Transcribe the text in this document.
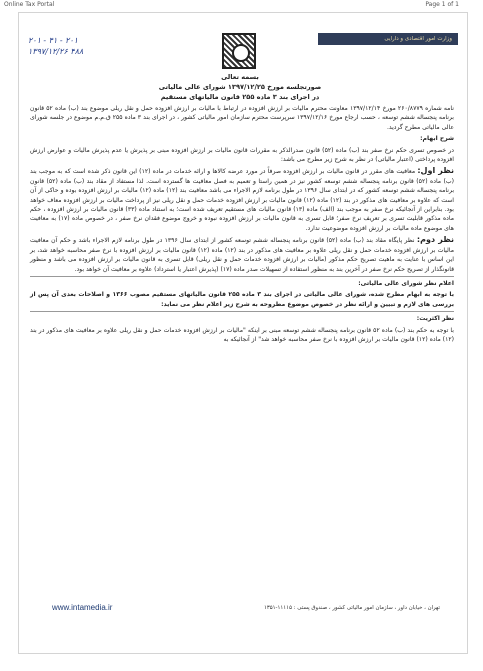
Online Tax Portal	Page 1 of 1
۲۰۱ - ۴۱ - ۲۰۱
۱۳۹۷/۱۲/۲۶ ۴۸۸
وزارت امور اقتصادی و دارایی
بسمه تعالی
صورتجلسه مورخ ۱۳۹۷/۱۲/۲۵ شورای عالی مالیاتی
در اجرای بند ۳ ماده ۲۵۵ قانون مالیاتهای مستقیم

نامه شماره ۲۶۰/۸۷۷۹ مورخ ۱۳۹۷/۱۲/۱۴ معاونت محترم مالیات بر ارزش افزوده در ارتباط با مالیات بر ارزش افزوده حمل و نقل ریلی موضوع بند (ب) ماده ۵۲ قانون برنامه پنجساله ششم توسعه ، حسب ارجاع مورخ ۱۳۹۷/۱۲/۱۶ سرپرست محترم سازمان امور مالیاتی کشور ، در اجرای بند ۳ ماده ۲۵۵ ق.م.م موضوع در جلسه شورای عالی مالیاتی مطرح گردید.

شرح ابهام:

در خصوص تسری حکم نرخ صفر بند (ب) ماده (۵۲) قانون صدرالذکر به مقررات قانون مالیات بر ارزش افزوده مبنی بر پذیرش یا عدم پذیرش مالیات و عوارض ارزش افزوده پرداختی (اعتبار مالیاتی) در نظر به شرح زیر مطرح می باشد:

نظر اول: معافیت های مقرر در قانون مالیات بر ارزش افزوده صرفاً در مورد عرضه کالاها و ارائه خدمات در ماده (۱۲) این قانون ذکر شده است که به موجب بند (ب) ماده (۵۲) قانون برنامه پنجساله ششم توسعه کشور نیز در همین راستا و تعمیم به فصل معافیت ها گسترده است. لذا مستفاد از مقاد بند (ب) ماده (۵۲) قانون برنامه پنجساله ششم توسعه کشور که در ابتدای سال ۱۳۹۶ در طول برنامه لازم الاجراء می باشد معافیت بند (۱۲) ماده (۱۲) مالیات بر ارزش افزوده بوده و حاکی از آن است که علاوه بر معافیت های مذکور در بند (۱۲) ماده (۱۲) قانون مالیات بر ارزش افزوده خدمات حمل و نقل ریلی نیز از پرداخت مالیات بر ارزش افزوده معاف خواهد بود. بنابراین از آنجائیکه نرخ صفر به موجب بند (الف) ماده (۱۳) قانون مالیات های مستقیم تعریف شده است؛ به استناد ماده (۳۳) قانون مالیات بر ارزش افزوده ، حکم ماده مذکور قابلیت تسری بر تعریف نرخ صفر؛ قابل تسری به قانون مالیات بر ارزش افزوده نبوده و خروج موضوع فقدان نرخ صفر ، در خصوص ماده (۱۷) به معافیت های موضوع ماده مالیات بر ارزش افزوده موضوعیت ندارد.

نظر دوم: نظر پایگاه مقاد بند (ب) ماده (۵۲) قانون برنامه پنجساله ششم توسعه کشور از ابتدای سال ۱۳۹۶ در طول برنامه لازم الاجراء باشد و حکم آن معافیت مالیات بر ارزش افزوده خدمات حمل و نقل ریلی علاوه بر معافیت های مذکور در بند (۱۲) ماده (۱۲) قانون مالیات بر ارزش افزوده با نرخ صفر محاسبه خواهد شد، بر این اساس با عنایت به ماهیت تصریح حکم مذکور (مالیات بر ارزش افزوده خدمات حمل و نقل ریلی) قابل تسری به قانون مالیات بر ارزش افزوده می باشد و منظور قانونگذار از تصریح حکم نرخ صفر در آخرین بند به منظور استفاده از تسهیلات صدر ماده (۱۷) (پذیرش اعتبار یا استرداد) علاوه بر معافیت آن خواهد بود.

اعلام نظر شورای عالی مالیاتی:

با توجه به ابهام مطرح شده، شورای عالی مالیاتی در اجرای بند ۳ ماده ۲۵۵ قانون مالیاتهای مستقیم مصوب ۱۳۶۶ و اصلاحات بعدی آن پس از بررسی های لازم و تبیین و ارائه نظر در خصوص موضوع مطروحه به شرح زیر اعلام نظر می نماید:

نظر اکثریت:

با توجه به حکم بند (ب) ماده ۵۲ قانون برنامه پنجساله ششم توسعه مبنی بر اینکه "مالیات بر ارزش افزوده خدمات حمل و نقل ریلی علاوه بر معافیت های مذکور در بند (۱۲) ماده (۱۲) قانون مالیات بر ارزش افزوده با نرخ صفر محاسبه خواهد شد" از آنجائیکه به

www.intamedia.ir	تهران ، خیابان داور ، سازمان امور مالیاتی کشور ، صندوق پستی : ۱۱۱۱۵-۱۳۵۱
